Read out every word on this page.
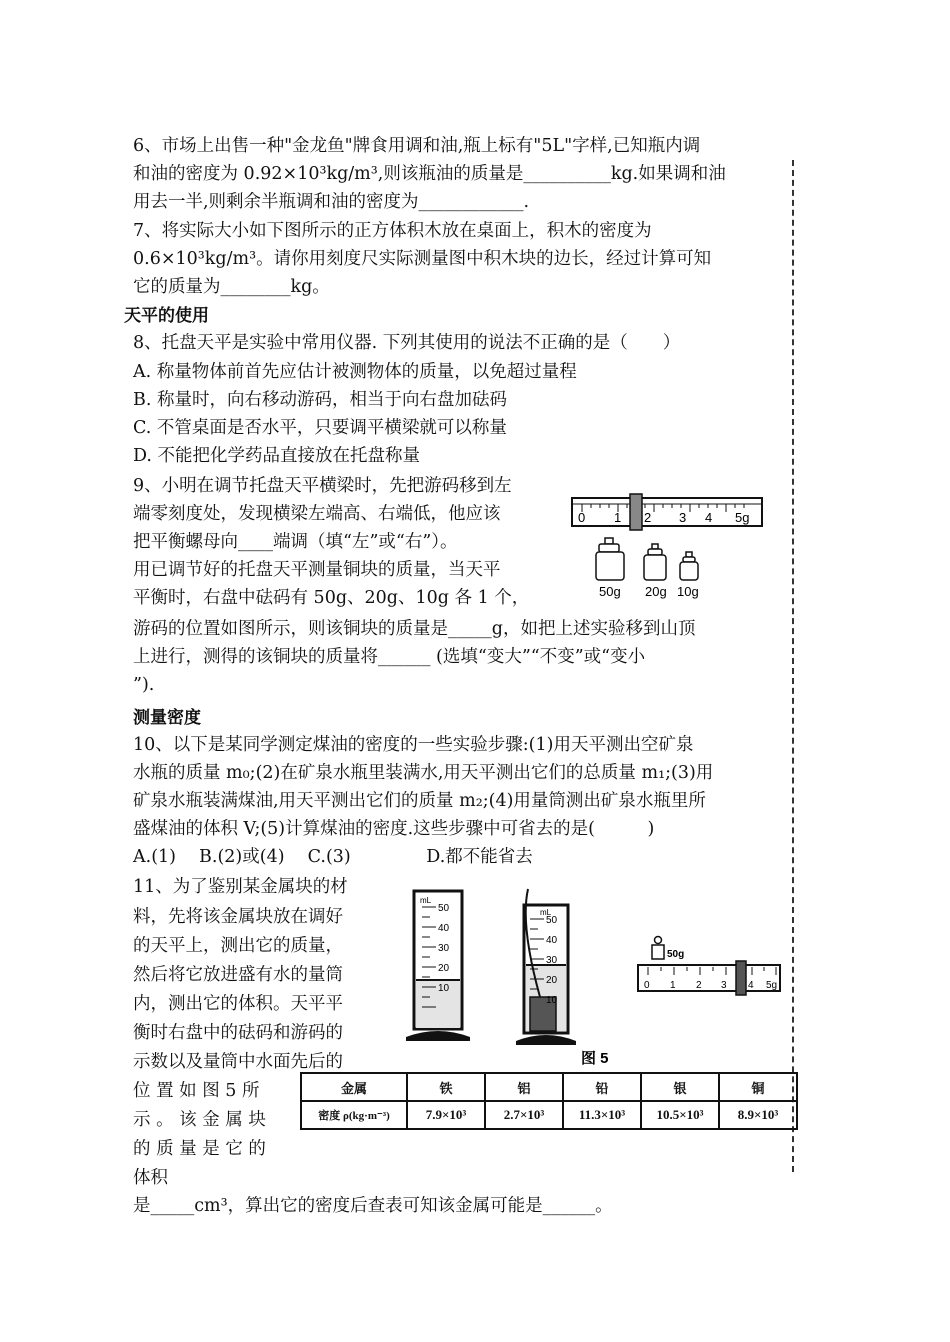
6、市场上出售一种"金龙鱼"牌食用调和油,瓶上标有"5L"字样,已知瓶内调
和油的密度为 0.92×10³kg/m³,则该瓶油的质量是__________kg.如果调和油
用去一半,则剩余半瓶调和油的密度为____________.
7、将实际大小如下图所示的正方体积木放在桌面上，积木的密度为
0.6×10³kg/m³。请你用刻度尺实际测量图中积木块的边长，经过计算可知
它的质量为________kg。
天平的使用
8、托盘天平是实验中常用仪器. 下列其使用的说法不正确的是（　　）
A. 称量物体前首先应估计被测物体的质量，以免超过量程
B. 称量时，向右移动游码，相当于向右盘加砝码
C. 不管桌面是否水平，只要调平横梁就可以称量
D. 不能把化学药品直接放在托盘称量
9、小明在调节托盘天平横梁时，先把游码移到左
端零刻度处，发现横梁左端高、右端低，他应该
把平衡螺母向____端调（填“左”或“右”）。
用已调节好的托盘天平测量铜块的质量，当天平
平衡时，右盘中砝码有 50g、20g、10g 各 1 个，
游码的位置如图所示，则该铜块的质量是_____g，如把上述实验移到山顶
上进行，测得的该铜块的质量将______ (选填“变大”“不变”或“变小
”).
0 1 2 3 4 5g
50g 20g 10g
测量密度
10、以下是某同学测定煤油的密度的一些实验步骤:(1)用天平测出空矿泉
水瓶的质量 m₀;(2)在矿泉水瓶里装满水,用天平测出它们的总质量 m₁;(3)用
矿泉水瓶装满煤油,用天平测出它们的质量 m₂;(4)用量筒测出矿泉水瓶里所
盛煤油的体积 V;(5)计算煤油的密度.这些步骤中可省去的是(　　　)
A.(1)　 B.(2)或(4)　 C.(3)　　　　 D.都不能省去
11、为了鉴别某金属块的材
料，先将该金属块放在调好
的天平上，测出它的质量，
然后将它放进盛有水的量筒
内，测出它的体积。天平平
衡时右盘中的砝码和游码的
示数以及量筒中水面先后的
位 置 如 图 5 所
示 。 该 金 属 块
的 质 量 是 它 的
体积
是_____cm³，算出它的密度后查表可知该金属可能是______。
mL
50
40
30
20
10
mL
50
40
30
20
10
50g
0 1 2 3 4 5g
图 5
金属	铁	铝	铅	银	铜
密度 ρ(kg·m⁻³)	7.9×10³	2.7×10³	11.3×10³	10.5×10³	8.9×10³
